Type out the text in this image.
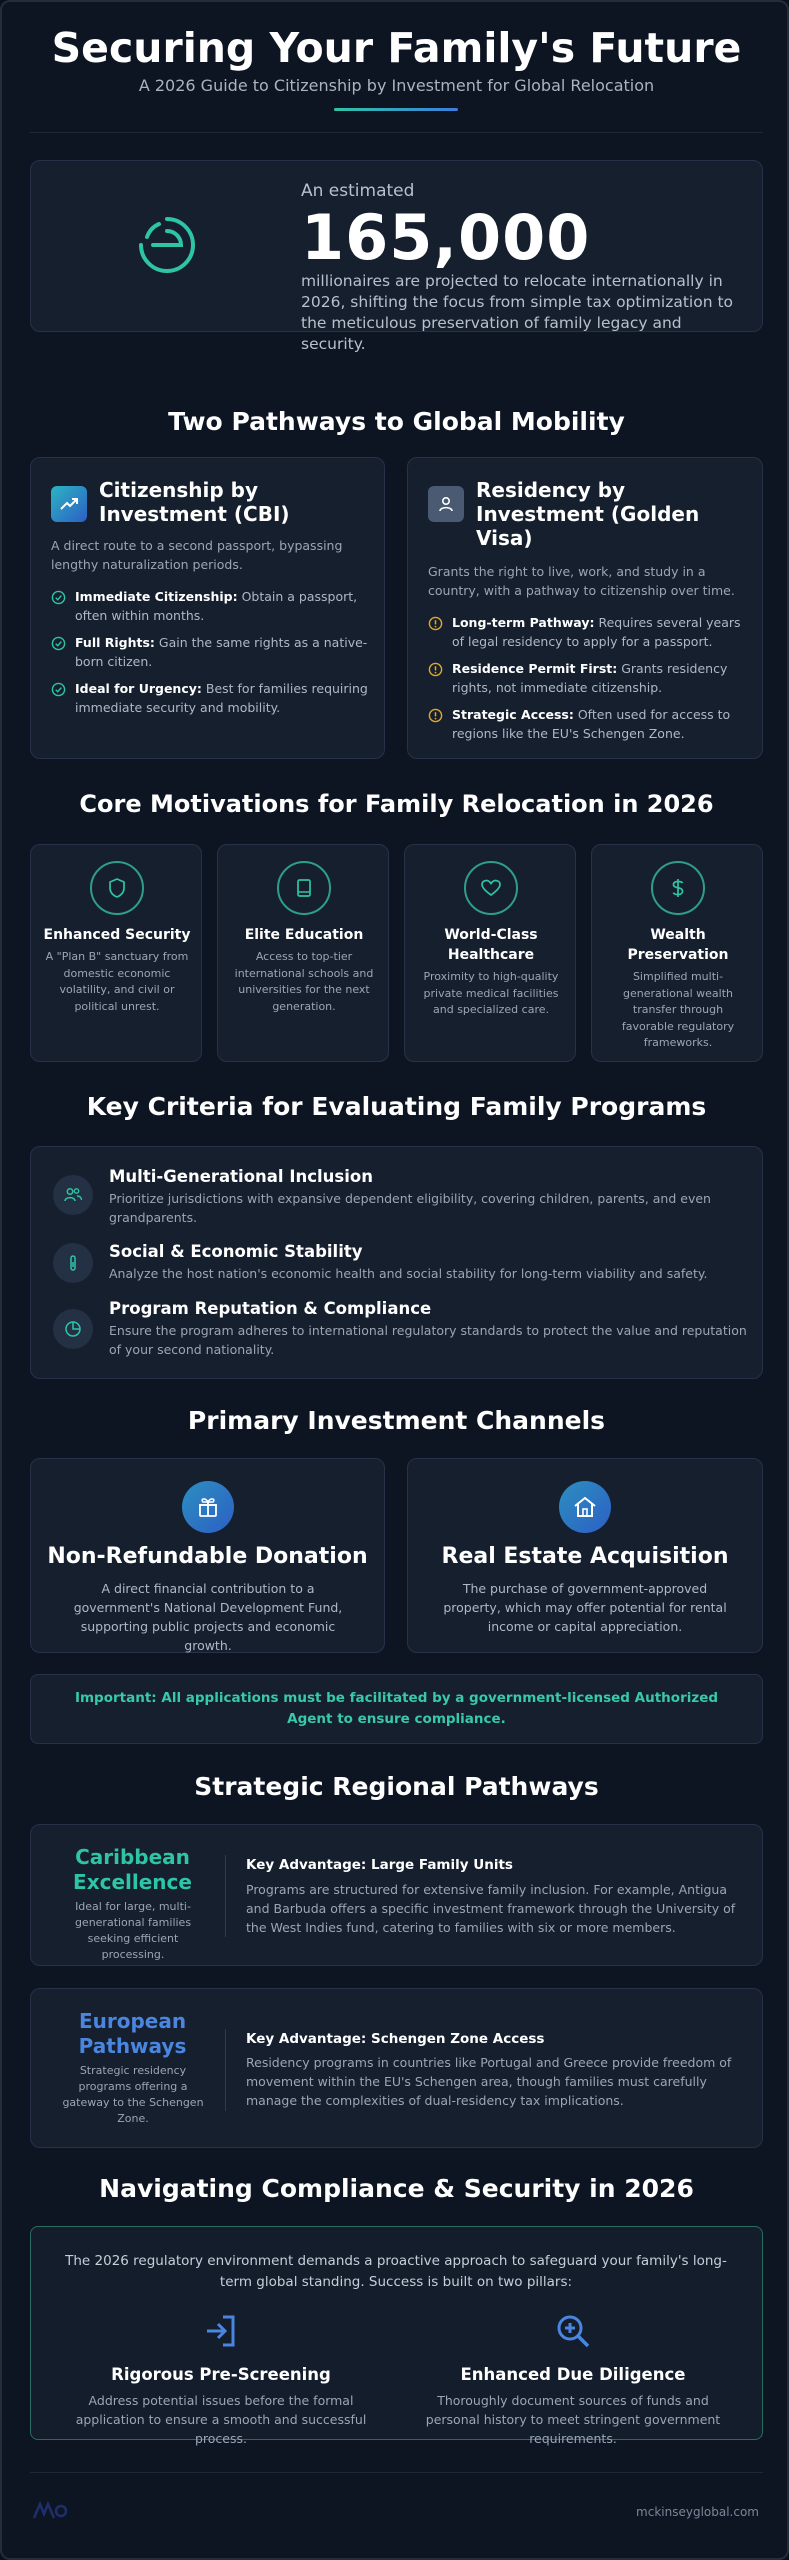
Securing Your Family's Future

A 2026 Guide to Citizenship by Investment for Global Relocation

An estimated
165,000
millionaires are projected to relocate internationally in 2026, shifting the focus from simple tax optimization to the meticulous preservation of family legacy and security.
Two Pathways to Global Mobility
Citizenship by Investment (CBI)
A direct route to a second passport, bypassing lengthy naturalization periods.
Immediate Citizenship: Obtain a passport, often within months.
Full Rights: Gain the same rights as a native-born citizen.
Ideal for Urgency: Best for families requiring immediate security and mobility.
Residency by Investment (Golden Visa)
Grants the right to live, work, and study in a country, with a pathway to citizenship over time.
Long-term Pathway: Requires several years of legal residency to apply for a passport.
Residence Permit First: Grants residency rights, not immediate citizenship.
Strategic Access: Often used for access to regions like the EU's Schengen Zone.
Core Motivations for Family Relocation in 2026
Enhanced Security
A "Plan B" sanctuary from domestic economic volatility, and civil or political unrest.
Elite Education
Access to top-tier international schools and universities for the next generation.
World-Class Healthcare
Proximity to high-quality private medical facilities and specialized care.
Wealth Preservation
Simplified multi-generational wealth transfer through favorable regulatory frameworks.
Key Criteria for Evaluating Family Programs
Multi-Generational Inclusion
Prioritize jurisdictions with expansive dependent eligibility, covering children, parents, and even grandparents.
Social & Economic Stability
Analyze the host nation's economic health and social stability for long-term viability and safety.
Program Reputation & Compliance
Ensure the program adheres to international regulatory standards to protect the value and reputation of your second nationality.
Primary Investment Channels
Non-Refundable Donation
A direct financial contribution to a government's National Development Fund, supporting public projects and economic growth.
Real Estate Acquisition
The purchase of government-approved property, which may offer potential for rental income or capital appreciation.
Important: All applications must be facilitated by a government-licensed Authorized Agent to ensure compliance.
Strategic Regional Pathways
Caribbean Excellence
Ideal for large, multi-generational families seeking efficient processing.
Key Advantage: Large Family Units
Programs are structured for extensive family inclusion. For example, Antigua and Barbuda offers a specific investment framework through the University of the West Indies fund, catering to families with six or more members.
European Pathways
Strategic residency programs offering a gateway to the Schengen Zone.
Key Advantage: Schengen Zone Access
Residency programs in countries like Portugal and Greece provide freedom of movement within the EU's Schengen area, though families must carefully manage the complexities of dual-residency tax implications.
Navigating Compliance & Security in 2026
The 2026 regulatory environment demands a proactive approach to safeguard your family's long-term global standing. Success is built on two pillars:
Rigorous Pre-Screening
Address potential issues before the formal application to ensure a smooth and successful process.
Enhanced Due Diligence
Thoroughly document sources of funds and personal history to meet stringent government requirements.
mckinseyglobal.com
